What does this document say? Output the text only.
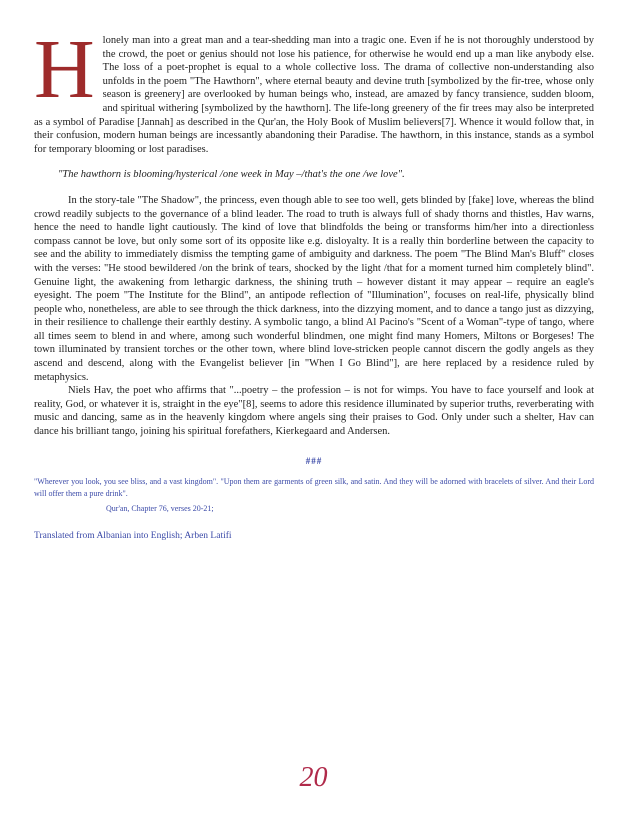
Hlonely man into a great man and a tear-shedding man into a tragic one. Even if he is not thoroughly understood by the crowd, the poet or genius should not lose his patience, for otherwise he would end up a man like anybody else. The loss of a poet-prophet is equal to a whole collective loss. The drama of collective non-understanding also unfolds in the poem "The Hawthorn", where eternal beauty and devine truth [symbolized by the fir-tree, whose only season is greenery] are overlooked by human beings who, instead, are amazed by fancy transience, sudden bloom, and spiritual withering [symbolized by the hawthorn]. The life-long greenery of the fir trees may also be interpreted as a symbol of Paradise [Jannah] as described in the Qur'an, the Holy Book of Muslim believers[7]. Whence it would follow that, in their confusion, modern human beings are incessantly abandoning their Paradise. The hawthorn, in this instance, stands as a symbol for temporary blooming or lost paradises.

"The hawthorn is blooming/hysterical /one week in May –/that's the one /we love".

In the story-tale "The Shadow", the princess, even though able to see too well, gets blinded by [fake] love, whereas the blind crowd readily subjects to the governance of a blind leader. The road to truth is always full of shady thorns and thistles, Hav warns, hence the need to handle light cautiously. The kind of love that blindfolds the being or transforms him/her into a directionless compass cannot be love, but only some sort of its opposite like e.g. disloyalty. It is a really thin borderline between the capacity to see and the ability to immediately dismiss the tempting game of ambiguity and darkness. The poem "The Blind Man's Bluff" closes with the verses: "He stood bewildered /on the brink of tears, shocked by the light /that for a moment turned him completely blind". Genuine light, the awakening from lethargic darkness, the shining truth – however distant it may appear – require an eagle's eyesight. The poem "The Institute for the Blind", an antipode reflection of "Illumination", focuses on real-life, physically blind people who, nonetheless, are able to see through the thick darkness, into the dizzying moment, and to dance a tango just as dizzying, in their resilience to challenge their earthly destiny. A symbolic tango, a blind Al Pacino's "Scent of a Woman"-type of tango, where all times seem to blend in and where, among such wonderful blindmen, one might find many Homers, Miltons or Borgeses! The town illuminated by transient torches or the other town, where blind love-stricken people cannot discern the godly angels as they ascend and descend, along with the Evangelist believer [in "When I Go Blind"], are here replaced by a residence ruled by metaphysics.

Niels Hav, the poet who affirms that "...poetry – the profession – is not for wimps. You have to face yourself and look at reality, God, or whatever it is, straight in the eye"[8], seems to adore this residence illuminated by superior truths, reverberating with music and dancing, same as in the heavenly kingdom where angels sing their praises to God. Only under such a shelter, Hav can dance his brilliant tango, joining his spiritual forefathers, Kierkegaard and Andersen.

###
"Wherever you look, you see bliss, and a vast kingdom". "Upon them are garments of green silk, and satin. And they will be adorned with bracelets of silver. And their Lord will offer them a pure drink".
Qur'an, Chapter 76, verses 20-21;
Translated from Albanian into English; Arben Latifi
20
